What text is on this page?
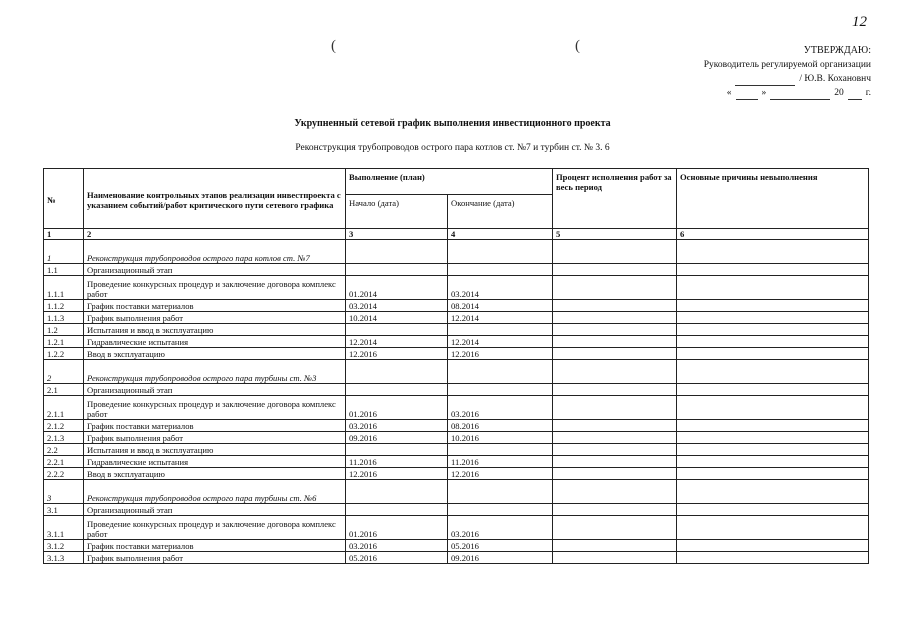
12
(	(	УТВЕРЖДАЮ:
Руководитель регулируемой организации
/ Ю.В. Кохановнч
«	»	20 г.
Укрупненный сетевой график выполнения инвестиционного проекта
Реконструкция трубопроводов острого пара котлов ст. №7 и турбин ст. № 3. 6
№	Наименование контрольных этапов реализации инвестпроекта с указанием событий/работ критического пути сетевого графика	Выполнение (план)		Процент исполнения работ за весь период	Основные причины невыполнения
		Начало (дата)	Окончание (дата)		
1	2	3	4	5	6
1	Реконструкция трубопроводов острого пара котлов ст. №7				
1.1	Организационный этап				
1.1.1	Проведение конкурсных процедур и заключение договора комплекс работ	01.2014	03.2014		
1.1.2	График поставки материалов	03.2014	08.2014		
1.1.3	График выполнения работ	10.2014	12.2014		
1.2	Испытания и ввод в эксплуатацию				
1.2.1	Гидравлические испытания	12.2014	12.2014		
1.2.2	Ввод в эксплуатацию	12.2016	12.2016		
2	Реконструкция трубопроводов острого пара турбины ст. №3				
2.1	Организационный этап				
2.1.1	Проведение конкурсных процедур и заключение договора комплекс работ	01.2016	03.2016		
2.1.2	График поставки материалов	03.2016	08.2016		
2.1.3	График выполнения работ	09.2016	10.2016		
2.2	Испытания и ввод в эксплуатацию				
2.2.1	Гидравлические испытания	11.2016	11.2016		
2.2.2	Ввод в эксплуатацию	12.2016	12.2016		
3	Реконструкция трубопроводов острого пара турбины ст. №6				
3.1	Организационный этап				
3.1.1	Проведение конкурсных процедур и заключение договора комплекс работ	01.2016	03.2016		
3.1.2	График поставки материалов	03.2016	05.2016		
3.1.3	График выполнения работ	05.2016	09.2016		
